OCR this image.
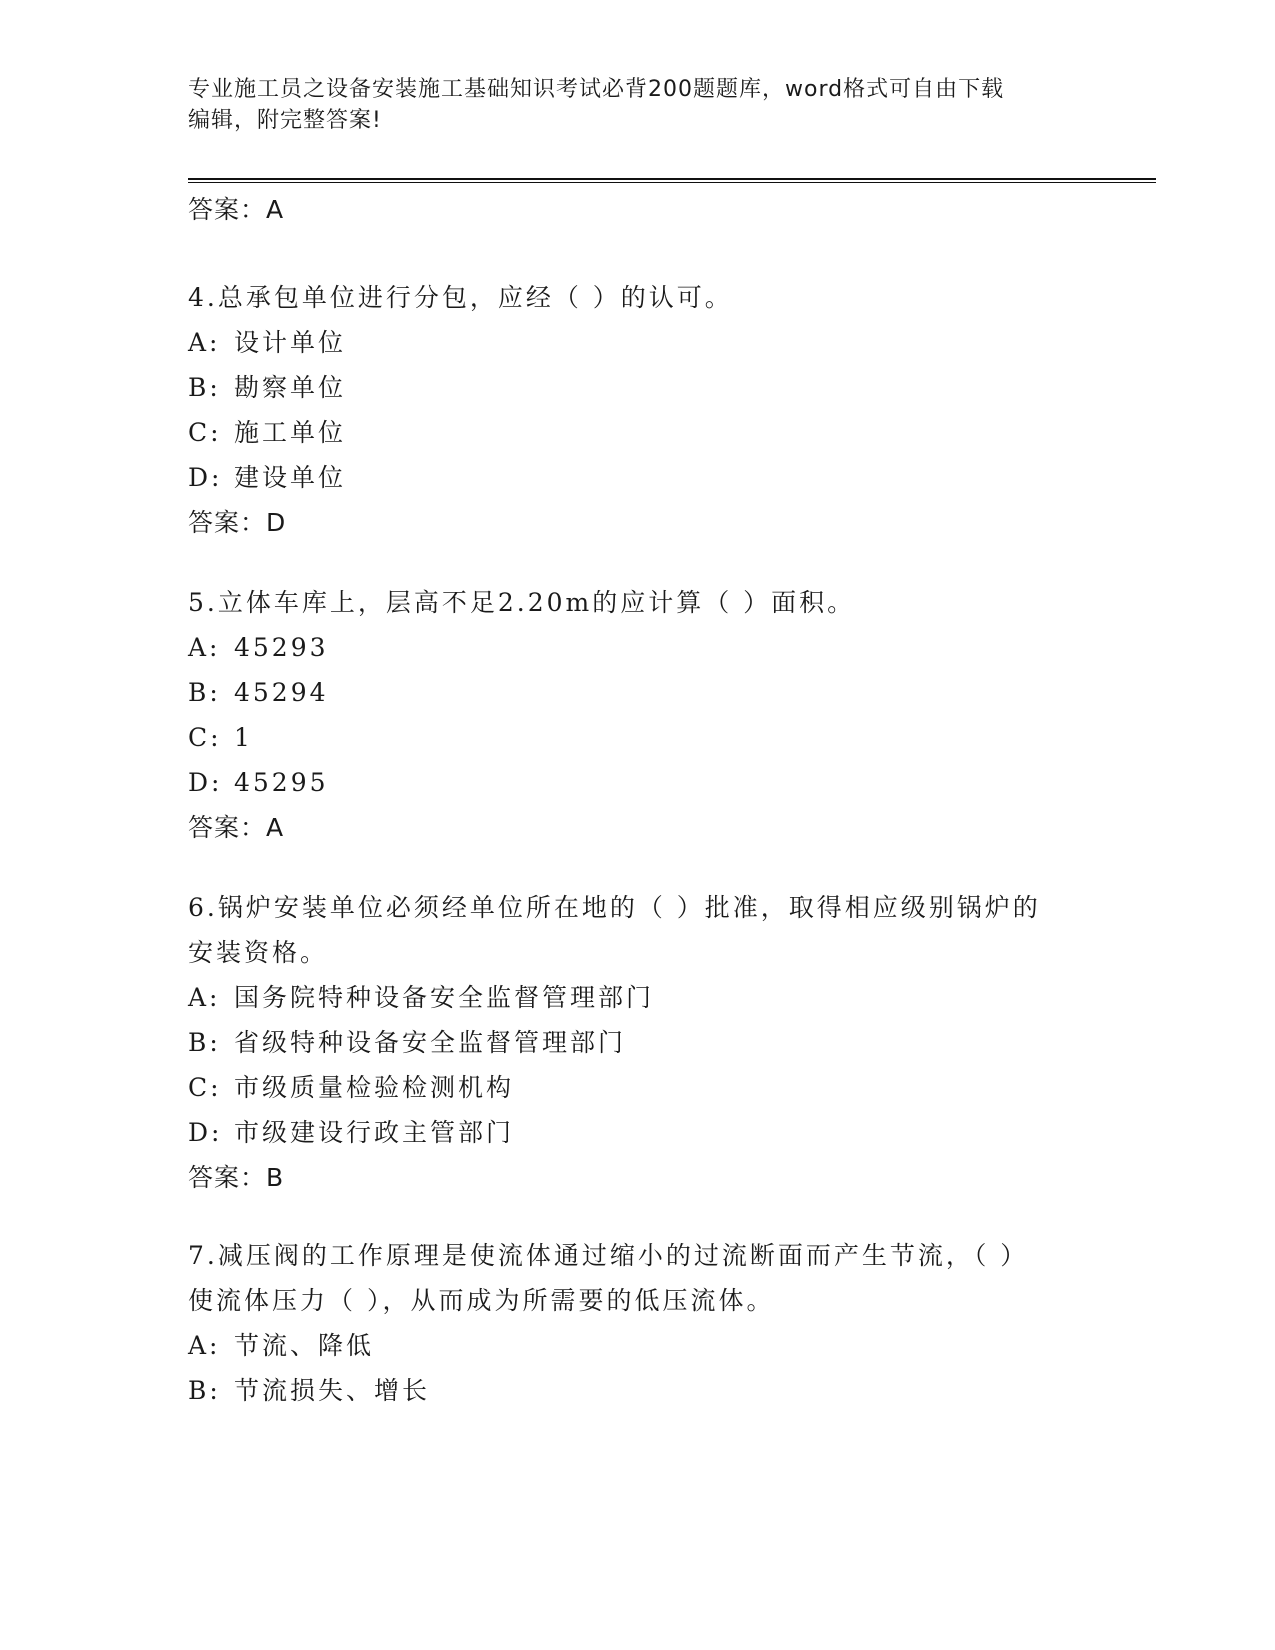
专业施工员之设备安装施工基础知识考试必背200题题库，word格式可自由下载
编辑，附完整答案!
答案：A
4.总承包单位进行分包，应经（ ）的认可。
A: 设计单位
B: 勘察单位
C: 施工单位
D: 建设单位
答案：D
5.立体车库上，层高不足2.20m的应计算（ ）面积。
A: 45293
B: 45294
C: 1
D: 45295
答案：A
6.锅炉安装单位必须经单位所在地的（ ）批准，取得相应级别锅炉的
安装资格。
A: 国务院特种设备安全监督管理部门
B: 省级特种设备安全监督管理部门
C: 市级质量检验检测机构
D: 市级建设行政主管部门
答案：B
7.减压阀的工作原理是使流体通过缩小的过流断面而产生节流，（ ）
使流体压力（ ），从而成为所需要的低压流体。
A: 节流、降低
B: 节流损失、增长
